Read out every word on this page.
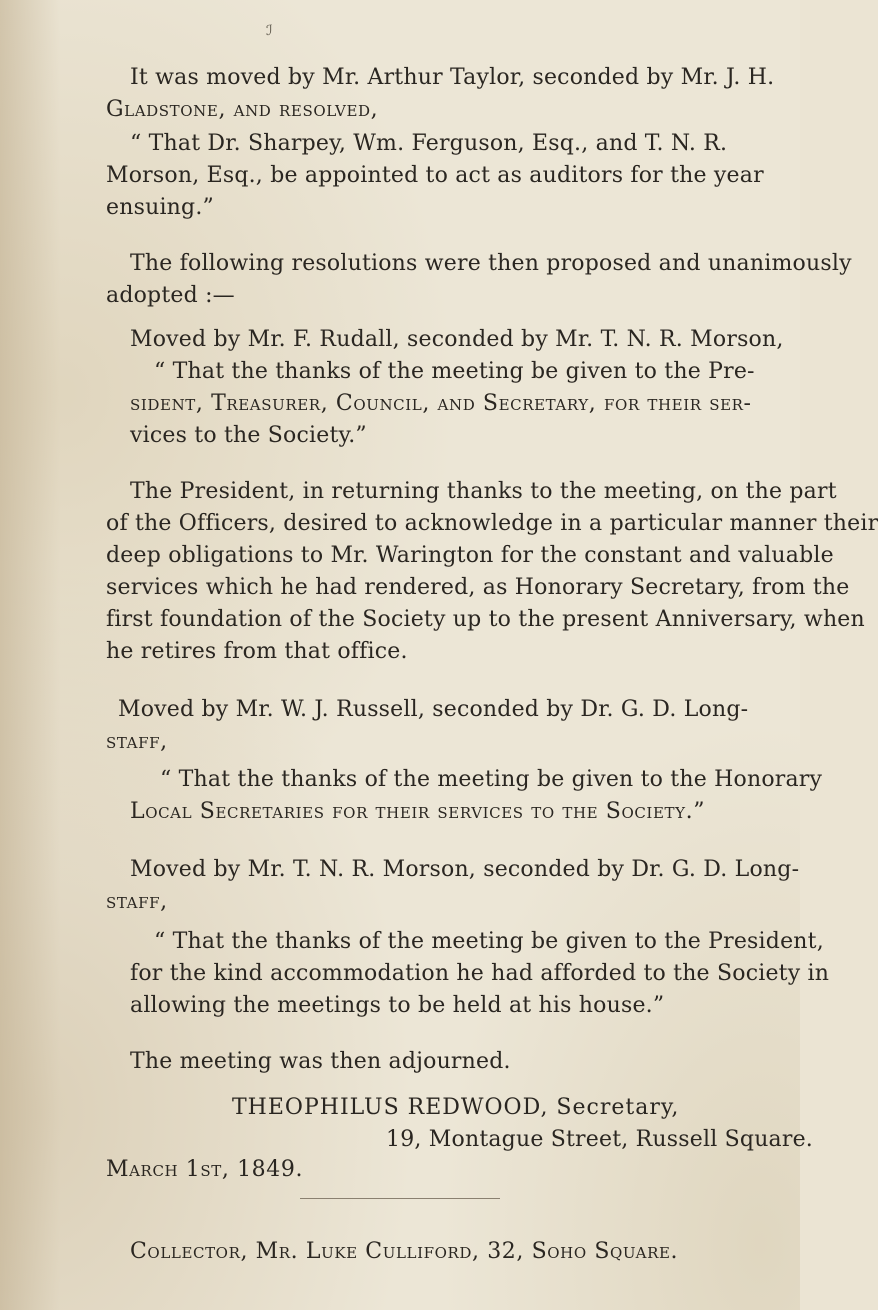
ℐ
It was moved by Mr. Arthur Taylor, seconded by Mr. J. H.
Gladstone, and resolved,
“ That Dr. Sharpey, Wm. Ferguson, Esq., and T. N. R.
Morson, Esq., be appointed to act as auditors for the year
ensuing.”
The following resolutions were then proposed and unanimously
adopted :—
Moved by Mr. F. Rudall, seconded by Mr. T. N. R. Morson,
“ That the thanks of the meeting be given to the Pre-
sident, Treasurer, Council, and Secretary, for their ser-
vices to the Society.”
The President, in returning thanks to the meeting, on the part
of the Officers, desired to acknowledge in a particular manner their
deep obligations to Mr. Warington for the constant and valuable
services which he had rendered, as Honorary Secretary, from the
first foundation of the Society up to the present Anniversary, when
he retires from that office.
Moved by Mr. W. J. Russell, seconded by Dr. G. D. Long-
staff,
“ That the thanks of the meeting be given to the Honorary
Local Secretaries for their services to the Society.”
Moved by Mr. T. N. R. Morson, seconded by Dr. G. D. Long-
staff,
“ That the thanks of the meeting be given to the President,
for the kind accommodation he had afforded to the Society in
allowing the meetings to be held at his house.”
The meeting was then adjourned.
THEOPHILUS REDWOOD, Secretary,
19, Montague Street, Russell Square.
March 1st, 1849.
Collector, Mr. Luke Culliford, 32, Soho Square.
